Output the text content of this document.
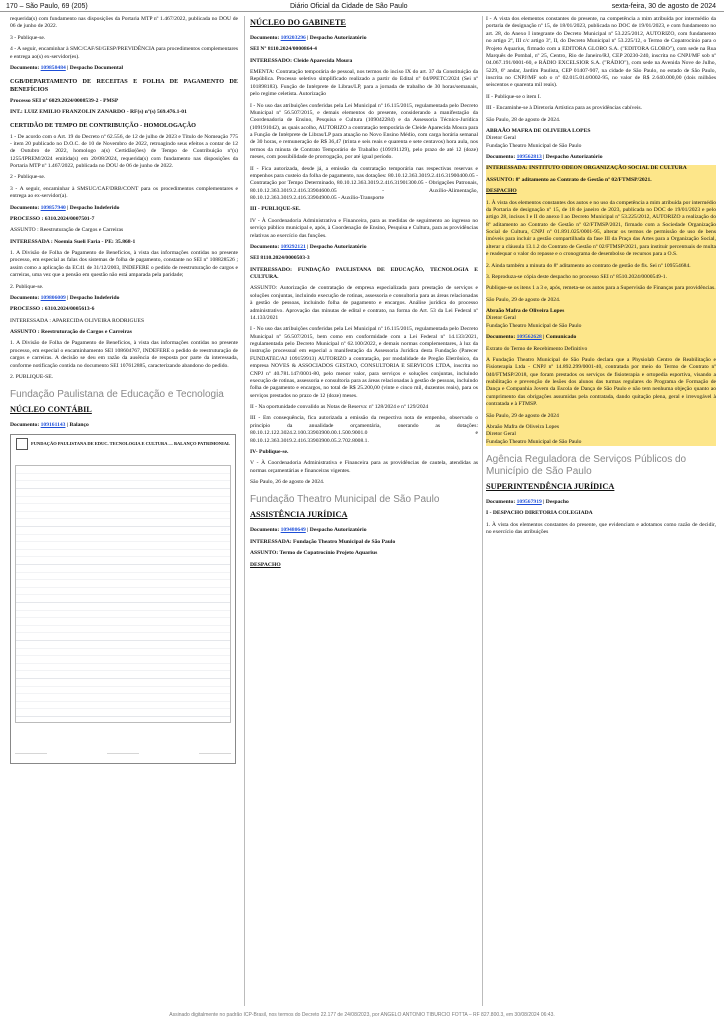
170 – São Paulo, 69 (205)	Diário Oficial da Cidade de São Paulo	sexta-feira, 30 de agosto de 2024

requerida(s) com fundamento nas disposições da Portaria MTP nº 1.467/2022, publicada no DOU de 06 de junho de 2022.

3 - Publique-se.

4 - A seguir, encaminhar à SMC/CAF/SI/GESP/PREVIDÊNCIA para procedimentos complementares e entrega ao(s) ex-servidor(es).

Documento: 109858484 | Despacho Documental

CGB/DEPARTAMENTO DE RECEITAS E FOLHA DE PAGAMENTO DE BENEFÍCIOS

Processo SEI nº 6029.2024/0008539-2 - PMSP

INT.: LUIZ EMILIO FRANZOLIN ZANARDO - RF(s) nº(s) 569.476.1-01

CERTIDÃO DE TEMPO DE CONTRIBUIÇÃO - HOMOLOGAÇÃO

1 - De acordo com o Art. 19 do Decreto nº 62.556, de 12 de julho de 2023 e Título de Nomeação 775 - item 20 publicado no D.O.C. de 10 de Novembro de 2022, retroagindo seus efeitos a contar de 12 de Outubro de 2022, homologo a(s) Certidão(ões) de Tempo de Contribuição nº(s) 1255/IPREM/2024 emitida(s) em 20/08/2024, requerida(s) com fundamento nas disposições da Portaria MTP nº 1.467/2022, publicada no DOU de 06 de junho de 2022.

2 - Publique-se.

3 - A seguir, encaminhar à SMSUC/CAF/DRB/CONT para os procedimentos complementares e entrega ao ex-servidor(a).

Documento: 109857940 | Despacho Indeferido

PROCESSO : 6310.2024/0007501-7

ASSUNTO : Reestruturação de Cargos e Carreiras

INTERESSADA : Noemia Sueli Faria - PE: 35.868-1

1. A Divisão de Folha de Pagamento de Benefícios, à vista das informações contidas no presente processo, em especial as falas dos sistemas de folha de pagamento, constante no SEI nº 108828526 ; assim como a aplicação da EC41 de 31/12/2003, INDEFERE o pedido de reestruturação de cargos e carreiras, uma vez que a pensão em questão não está amparada pela paridade;

2. Publique-se.

Documento: 109806009 | Despacho Indeferido

PROCESSO : 6310.2024/0005613-6

INTERESSADA : APARECIDA OLIVEIRA RODRIGUES

ASSUNTO : Reestruturação de Cargos e Carreiras

1. A Divisão de Folha de Pagamento de Benefícios, à vista das informações contidas no presente processo, em especial o encaminhamento SEI 108604767, INDEFERE o pedido de reestruturação de cargos e carreiras. A decisão se deu em razão da ausência de resposta por parte da interessada, conforme notificação contida no documento SEI 107612885, caracterizando abandono do pedido.

2. PUBLIQUE-SE.

Fundação Paulistana de Educação e Tecnologia
NÚCLEO CONTÁBIL

Documento: 109161143 | Balanço

FUNDAÇÃO PAULISTANA DE EDUC. TECNOLOGIA E CULTURA — BALANÇO PATRIMONIAL
________________	________________	________________
NÚCLEO DO GABINETE

Documento: 109203296 | Despacho Autorizatório

SEI Nº 8110.2024/0000864-4

INTERESSADO: Cleide Aparecida Moura

EMENTA: Contratação temporária de pessoal, nos termos do inciso IX do art. 37 da Constituição da República. Processo seletivo simplificado realizado a partir do Edital nº 04/PPETC/2024 (Sei nº 101898183). Função de Intérprete de Libras/LP, para a jornada de trabalho de 30 horas/semanais, pelo regime celetista. Autorização

I - No uso das atribuições conferidas pela Lei Municipal nº 16.115/2015, regulamentada pelo Decreto Municipal nº 56.507/2015, e demais elementos do presente, considerando a manifestação da Coordenadoria de Ensino, Pesquisa e Cultura (109042284) e da Assessoria Técnico-Jurídica (109191042), as quais acolho, AUTORIZO a contratação temporária de Cleide Aparecida Moura para a Função de Intérprete de Libras/LP para atuação no Novo Ensino Médio, com carga horária semanal de 30 horas, e remuneração de R$ 36,47 (trinta e seis reais e quarenta e sete centavos) hora aula, nos termos da minuta de Contrato Temporário de Trabalho (109191129), pelo prazo de até 12 (doze) meses, com possibilidade de prorrogação, por até igual período.

II - Fica autorizada, desde já, a emissão da contratação temporária nas respectivas reservas e empenhos para custeio da folha de pagamento, nas dotações: 80.10.12.363.3019.2.416.31900400.05 - Contratação por Tempo Determinado, 80.10.12.363.3019.2.416.31901300.05 - Obrigações Patronais, 80.10.12.363.3019.2.416.33904600.05 - Auxílio-Alimentação, 80.10.12.363.3019.2.416.33904900.05 - Auxílio-Transporte

III - PUBLIQUE-SE.

IV - À Coordenadoria Administrativa e Financeira, para as medidas de seguimento ao ingresso no serviço público municipal e, após, à Coordenação de Ensino, Pesquisa e Cultura, para as providências relativas ao exercício das funções.

Documento: 109292121 | Despacho Autorizatório

SEI 8110.2024/0000503-3

INTERESSADO: FUNDAÇÃO PAULISTANA DE EDUCAÇÃO, TECNOLOGIA E CULTURA.

ASSUNTO: Autorização de contratação de empresa especializada para prestação de serviços e soluções conjuntas, incluindo execução de rotinas, assessoria e consultoria para as áreas relacionadas à gestão de pessoas, incluindo folha de pagamento e encargos. Análise jurídica do processo administrativo. Aprovação das minutas de edital e contrato, na forma do Art. 53 da Lei Federal nº 14.133/2021

I - No uso das atribuições conferidas pela Lei Municipal nº 16.115/2015, regulamentada pelo Decreto Municipal nº 56.507/2015, bem como em conformidade com a Lei Federal nº 14.133/2021, regulamentada pelo Decreto Municipal nº 62.100/2022, e demais normas complementares, à luz da instrução processual em especial a manifestação da Assessoria Jurídica desta Fundação (Parecer FUNDATEC/AJ 109159913) AUTORIZO a contratação, por modalidade de Pregão Eletrônico, da empresa NOVES & ASSOCIADOS GESTAO, CONSULTORIA E SERVICOS LTDA, inscrita no CNPJ nº 40.781.147/0001-80, pelo menor valor, para serviços e soluções conjuntas, incluindo execução de rotinas, assessoria e consultoria para as áreas relacionadas à gestão de pessoas, incluindo folha de pagamento e encargos, no total de R$ 25.200,00 (vinte e cinco mil, duzentos reais), para os serviços prestados no prazo de 12 (doze) meses.

II - Na oportunidade convalido as Notas de Reserva: nº 128/2024 e nº 129/2024

III - Em consequência, fica autorizada a emissão da respectiva nota de empenho, observado o princípio da anualidade orçamentária, onerando as dotações: 80.10.12.122.3024.2.100.33903900.00.1.500.9001.0 e 80.10.12.363.3019.2.416.33903900.05.2.702.8008.1.

IV- Publique-se.

V - À Coordenadoria Administrativa e Financeira para as providências de cautela, atendidas as normas orçamentárias e financeiras vigentes.

São Paulo, 26 de agosto de 2024.

Fundação Theatro Municipal de São Paulo
ASSISTÊNCIA JURÍDICA

Documento: 109480649 | Despacho Autorizatório

INTERESSADA: Fundação Theatro Municipal de São Paulo

ASSUNTO: Termo de Copatrocínio Projeto Aquarius

DESPACHO

I - À vista dos elementos constantes do presente, na competência a mim atribuída por intermédio da portaria de designação nº 15, de 18/01/2023, publicada no DOC de 19/01/2023, e com fundamento no art. 28, do Anexo I integrante do Decreto Municipal nº 53.225/2012, AUTORIZO, com fundamento no artigo 2º, III c/c artigo 3º, II, do Decreto Municipal nº 53.225/12, o Termo de Copatrocínio para o Projeto Aquarius, firmado com a EDITORA GLOBO S.A. ("EDITORA GLOBO"), com sede na Rua Marquês de Pombal, nº 25, Centro, Rio de Janeiro/RJ, CEP 20230-240, inscrita no CNPJ/MF sob nº 04.067.191/0001-60, e RÁDIO EXCELSIOR S.A. ("RÁDIO"), com sede na Avenida Nove de Julho, 5229, 6º andar, Jardim Paulista, CEP 01407-907, na cidade de São Paulo, no estado de São Paulo, inscrita no CNPJ/MF sob o nº 02.015.014/0002-95, no valor de R$ 2.640.000,00 (dois milhões seiscentos e quarenta mil reais).

II - Publique-se o item I.

III - Encaminhe-se à Diretoria Artística para as providências cabíveis.

São Paulo, 28 de agosto de 2024.

ABRAÃO MAFRA DE OLIVEIRA LOPES

Diretor Geral

Fundação Theatro Municipal de São Paulo

Documento: 109562813 | Despacho Autorizatório

INTERESSADA: INSTITUTO ODEON ORGANIZAÇÃO SOCIAL DE CULTURA

ASSUNTO: 8º aditamento ao Contrato de Gestão nº 02/FTMSP/2021.

DESPACHO

1. À vista dos elementos constantes dos autos e no uso da competência a mim atribuída por intermédio da Portaria de designação nº 15, de 18 de janeiro de 2023, publicada no DOC de 19/01/2023 e pelo artigo 28, incisos I e II do anexo I ao Decreto Municipal nº 53.225/2012, AUTORIZO a realização do 8º aditamento ao Contrato de Gestão nº 02/FTMSP/2021, firmado com a Sociedade Organização Social de Cultura, CNPJ nº 01.891.025/0001-95, alterar os termos de permissão de uso de bens imóveis para incluir a gestão compartilhada da fase III da Praça das Artes para a Organização Social, alterar a cláusula 13.1.2 do Contrato de Gestão nº 02/FTMSP/2021, para instituir percentuais de multa e readequar o valor do repasse e o cronograma de desembolso de recursos para a O.S.

2. Ainda também a minuta do 8º aditamento ao contrato de gestão de fls. Sei nº 109554684.

3. Reproduza-se cópia deste despacho no processo SEI nº 8510.2024/0000549-1.

Publique-se os itens 1 a 3 e, após, remeta-se os autos para a Supervisão de Finanças para providências.

São Paulo, 29 de agosto de 2024.

Abraão Mafra de Oliveira Lopes

Diretor Geral

Fundação Theatro Municipal de São Paulo

Documento: 109562628 | Comunicado

Extrato do Termo de Recebimento Definitivo

A Fundação Theatro Municipal de São Paulo declara que a Physiolab Centro de Reabilitação e Fisioterapia Ltda - CNPJ nº 14.892.299/0001-40, contratada por meio do Termo de Contrato nº 040/FTMSP/2018, que foram prestados os serviços de fisioterapia e ortopedia esportiva, visando a reabilitação e prevenção de lesões dos alunos das turmas regulares do Programa de Formação de Dança e Companhia Jovem da Escola de Dança de São Paulo e não tem nenhuma objeção quanto ao cumprimento das obrigações assumidas pela contratada, dando quitação plena, geral e irrevogável à contratada e à FTMSP.

São Paulo, 29 de agosto de 2024

Abraão Mafra de Oliveira Lopes

Diretor Geral

Fundação Theatro Municipal de São Paulo

Agência Reguladora de Serviços Públicos do Município de São Paulo
SUPERINTENDÊNCIA JURÍDICA

Documento: 109567919 | Despacho

I - DESPACHO DIRETORIA COLEGIADA

1. À vista dos elementos constantes do presente, que evidenciam e adotamos como razão de decidir, no exercício das atribuições

Assinado digitalmente no padrão ICP-Brasil, nos termos do Decreto 22.177 de 24/08/2023, por ANGELO ANTONIO TIBURCIO FOTTA – RF 827.800.3, em 30/08/2024 06:43.
